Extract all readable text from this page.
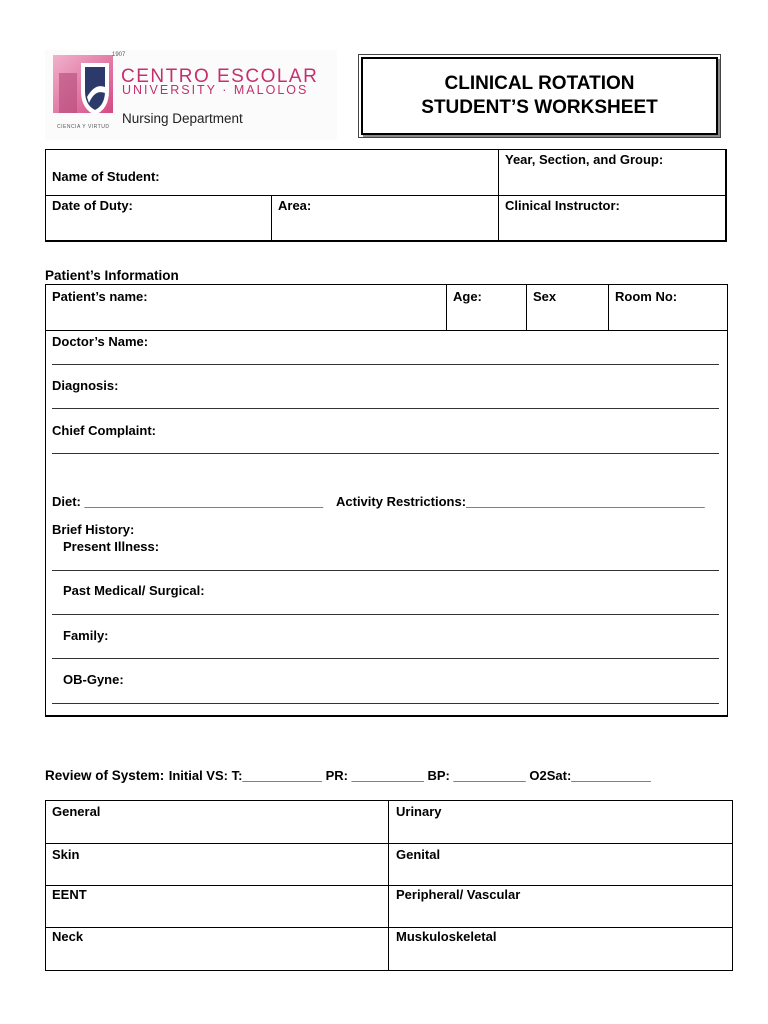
1907
CIENCIA Y VIRTUD
CENTRO ESCOLAR
UNIVERSITY · MALOLOS
Nursing Department
CLINICAL ROTATION
STUDENT’S WORKSHEET
Name of Student:
Year, Section, and Group:
Date of Duty:	Area:	Clinical Instructor:
Patient’s Information
Patient’s name:	Age:	Sex	Room No:
Doctor’s Name:
Diagnosis:
Chief Complaint:
Diet: _________________________________ Activity Restrictions:_________________________________
Brief History:
Present Illness:
Past Medical/ Surgical:
Family:
OB-Gyne:
Review of System: Initial VS: T:___________ PR: __________ BP: __________ O2Sat:___________
General	Urinary
Skin	Genital
EENT	Peripheral/ Vascular
Neck	Muskuloskeletal
